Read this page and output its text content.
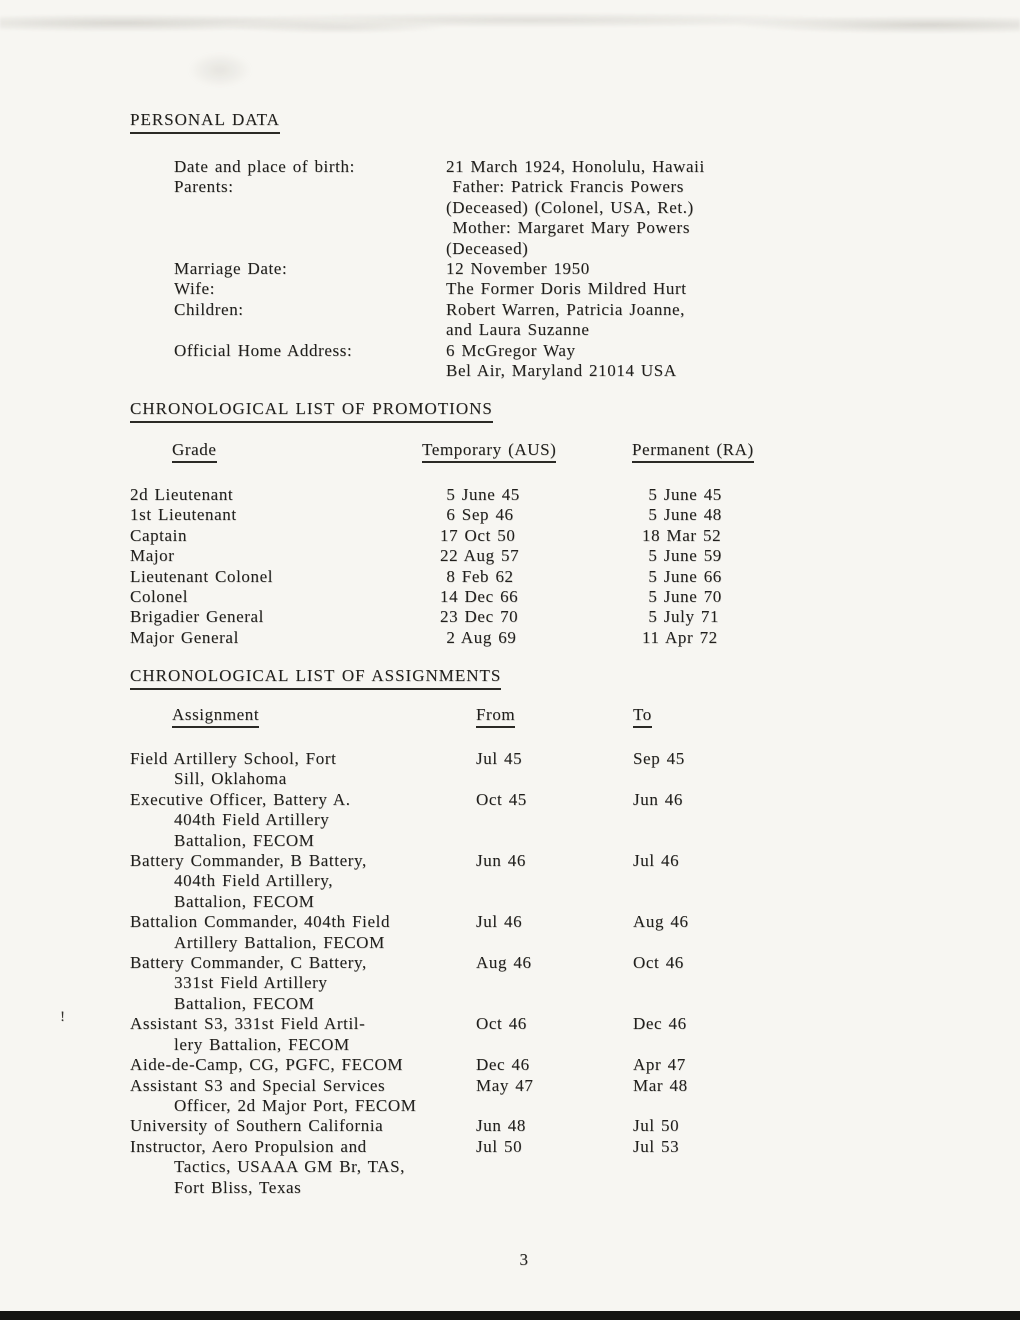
PERSONAL DATA
Date and place of birth:	21 March 1924, Honolulu, Hawaii
Parents:	Father: Patrick Francis Powers
(Deceased) (Colonel, USA, Ret.)
Mother: Margaret Mary Powers
(Deceased)
Marriage Date:	12 November 1950
Wife:	The Former Doris Mildred Hurt
Children:	Robert Warren, Patricia Joanne,
and Laura Suzanne
Official Home Address:	6 McGregor Way
Bel Air, Maryland 21014 USA
CHRONOLOGICAL LIST OF PROMOTIONS
Grade	Temporary (AUS)	Permanent (RA)
2d Lieutenant	5 June 45	5 June 45
1st Lieutenant	6 Sep 46	5 June 48
Captain	17 Oct 50	18 Mar 52
Major	22 Aug 57	5 June 59
Lieutenant Colonel	8 Feb 62	5 June 66
Colonel	14 Dec 66	5 June 70
Brigadier General	23 Dec 70	5 July 71
Major General	2 Aug 69	11 Apr 72
CHRONOLOGICAL LIST OF ASSIGNMENTS
Assignment	From	To
Field Artillery School, Fort
Sill, Oklahoma
Jul 45	Sep 45
Executive Officer, Battery A.
404th Field Artillery
Battalion, FECOM
Oct 45	Jun 46
Battery Commander, B Battery,
404th Field Artillery,
Battalion, FECOM
Jun 46	Jul 46
Battalion Commander, 404th Field
Artillery Battalion, FECOM
Jul 46	Aug 46
Battery Commander, C Battery,
331st Field Artillery
Battalion, FECOM
Aug 46	Oct 46
Assistant S3, 331st Field Artil-
lery Battalion, FECOM
Oct 46	Dec 46
Aide-de-Camp, CG, PGFC, FECOM	Dec 46	Apr 47
Assistant S3 and Special Services
Officer, 2d Major Port, FECOM
May 47	Mar 48
University of Southern California	Jun 48	Jul 50
Instructor, Aero Propulsion and
Tactics, USAAA GM Br, TAS,
Fort Bliss, Texas
Jul 50	Jul 53
!
3
